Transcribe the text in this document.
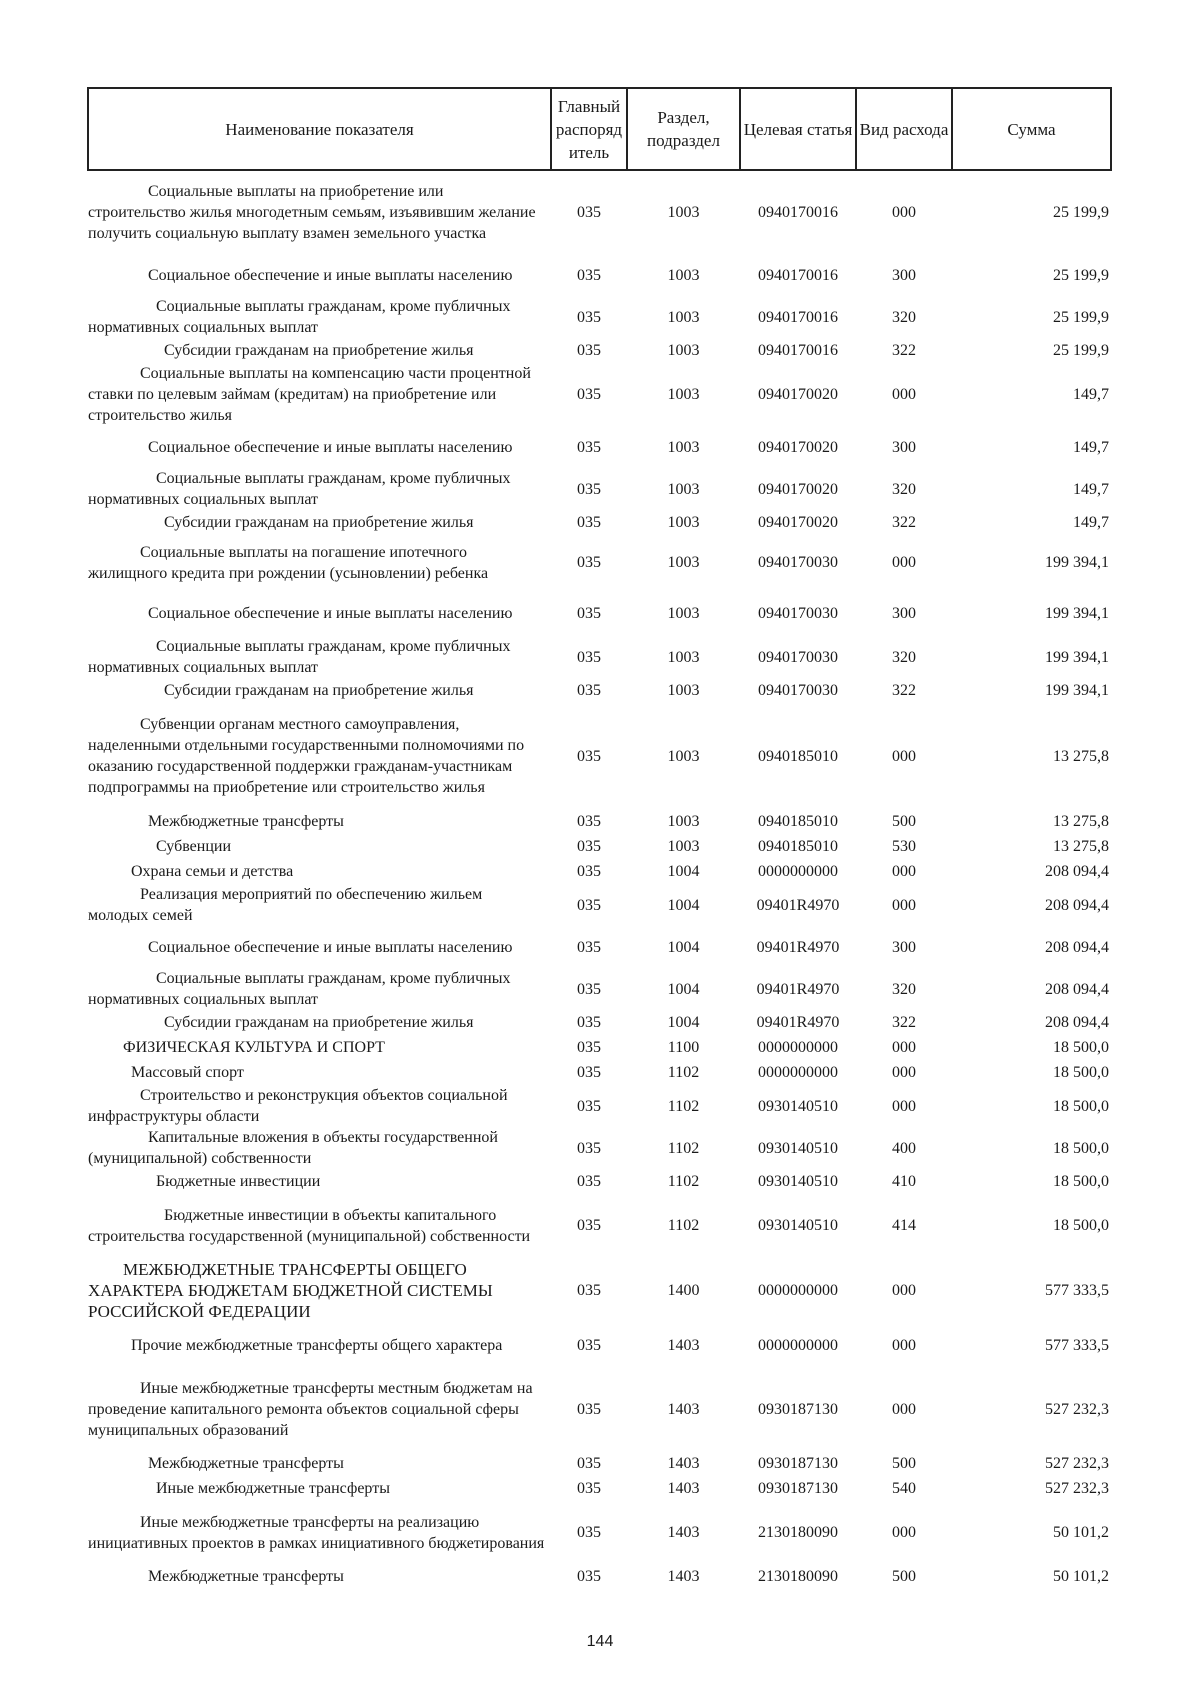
Наименование показателя	Главный распоряд итель	Раздел, подраздел	Целевая статья	Вид расхода	Сумма
Социальные выплаты на приобретение или строительство жилья многодетным семьям, изъявившим желание получить социальную выплату взамен земельного участка	035	1003	0940170016	000	25 199,9
Социальное обеспечение и иные выплаты населению	035	1003	0940170016	300	25 199,9
Социальные выплаты гражданам, кроме публичных нормативных социальных выплат	035	1003	0940170016	320	25 199,9
Субсидии гражданам на приобретение жилья	035	1003	0940170016	322	25 199,9
Социальные выплаты на компенсацию части процентной ставки по целевым займам (кредитам) на приобретение или строительство жилья	035	1003	0940170020	000	149,7
Социальное обеспечение и иные выплаты населению	035	1003	0940170020	300	149,7
Социальные выплаты гражданам, кроме публичных нормативных социальных выплат	035	1003	0940170020	320	149,7
Субсидии гражданам на приобретение жилья	035	1003	0940170020	322	149,7
Социальные выплаты на погашение ипотечного жилищного кредита при рождении (усыновлении) ребенка	035	1003	0940170030	000	199 394,1
Социальное обеспечение и иные выплаты населению	035	1003	0940170030	300	199 394,1
Социальные выплаты гражданам, кроме публичных нормативных социальных выплат	035	1003	0940170030	320	199 394,1
Субсидии гражданам на приобретение жилья	035	1003	0940170030	322	199 394,1
Субвенции органам местного самоуправления, наделенными отдельными государственными полномочиями по оказанию государственной поддержки гражданам-участникам подпрограммы на приобретение или строительство жилья	035	1003	0940185010	000	13 275,8
Межбюджетные трансферты	035	1003	0940185010	500	13 275,8
Субвенции	035	1003	0940185010	530	13 275,8
Охрана семьи и детства	035	1004	0000000000	000	208 094,4
Реализация мероприятий по обеспечению жильем молодых семей	035	1004	09401R4970	000	208 094,4
Социальное обеспечение и иные выплаты населению	035	1004	09401R4970	300	208 094,4
Социальные выплаты гражданам, кроме публичных нормативных социальных выплат	035	1004	09401R4970	320	208 094,4
Субсидии гражданам на приобретение жилья	035	1004	09401R4970	322	208 094,4
ФИЗИЧЕСКАЯ КУЛЬТУРА И СПОРТ	035	1100	0000000000	000	18 500,0
Массовый спорт	035	1102	0000000000	000	18 500,0
Строительство и реконструкция объектов социальной инфраструктуры области	035	1102	0930140510	000	18 500,0
Капитальные вложения в объекты государственной (муниципальной) собственности	035	1102	0930140510	400	18 500,0
Бюджетные инвестиции	035	1102	0930140510	410	18 500,0
Бюджетные инвестиции в объекты капитального строительства государственной (муниципальной) собственности	035	1102	0930140510	414	18 500,0
МЕЖБЮДЖЕТНЫЕ ТРАНСФЕРТЫ ОБЩЕГО ХАРАКТЕРА БЮДЖЕТАМ БЮДЖЕТНОЙ СИСТЕМЫ РОССИЙСКОЙ ФЕДЕРАЦИИ	035	1400	0000000000	000	577 333,5
Прочие межбюджетные трансферты общего характера	035	1403	0000000000	000	577 333,5
Иные межбюджетные трансферты местным бюджетам на проведение капитального ремонта объектов социальной сферы муниципальных образований	035	1403	0930187130	000	527 232,3
Межбюджетные трансферты	035	1403	0930187130	500	527 232,3
Иные межбюджетные трансферты	035	1403	0930187130	540	527 232,3
Иные межбюджетные трансферты на реализацию инициативных проектов в рамках инициативного бюджетирования	035	1403	2130180090	000	50 101,2
Межбюджетные трансферты	035	1403	2130180090	500	50 101,2
144
